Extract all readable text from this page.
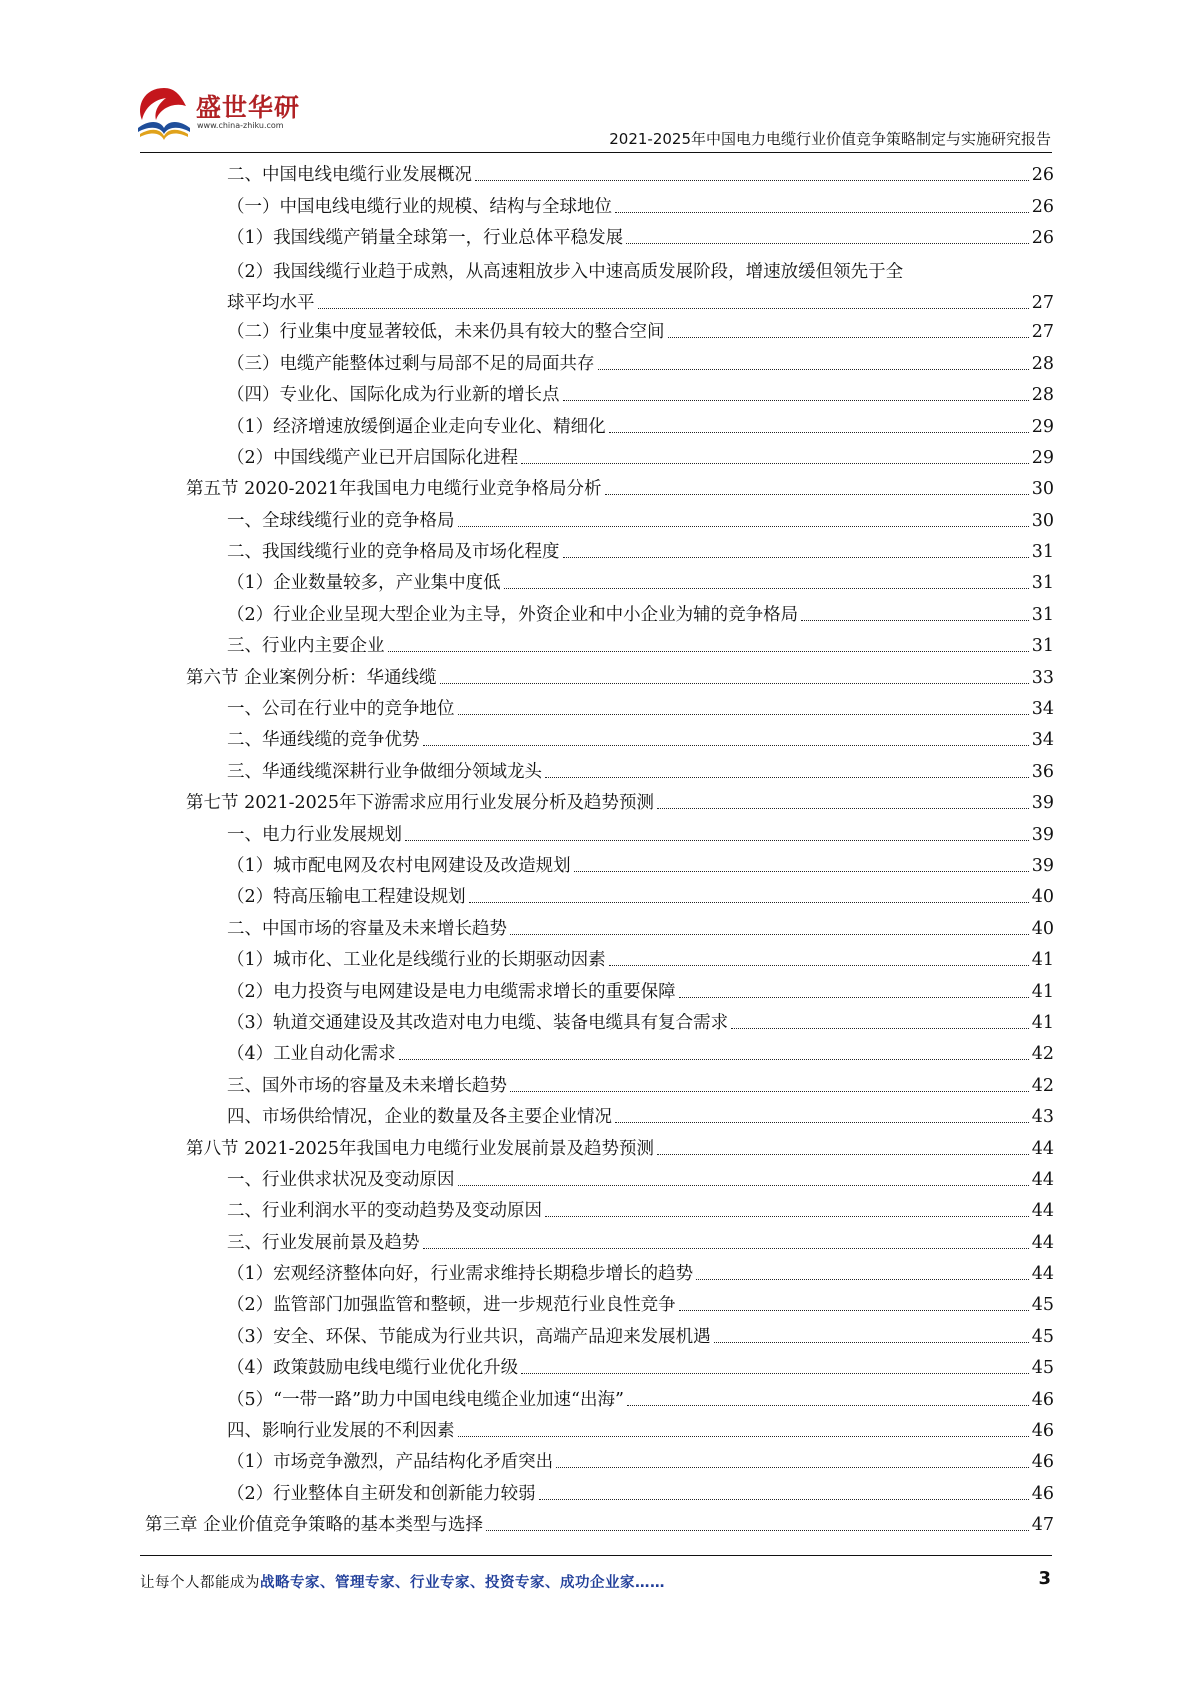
盛世华研
www.china-zhiku.com
2021-2025年中国电力电缆行业价值竞争策略制定与实施研究报告
二、中国电线电缆行业发展概况	26
（一）中国电线电缆行业的规模、结构与全球地位	26
（1）我国线缆产销量全球第一，行业总体平稳发展	26
（2）我国线缆行业趋于成熟，从高速粗放步入中速高质发展阶段，增速放缓但领先于全
球平均水平	27
（二）行业集中度显著较低，未来仍具有较大的整合空间	27
（三）电缆产能整体过剩与局部不足的局面共存	28
（四）专业化、国际化成为行业新的增长点	28
（1）经济增速放缓倒逼企业走向专业化、精细化	29
（2）中国线缆产业已开启国际化进程	29
第五节 2020-2021年我国电力电缆行业竞争格局分析	30
一、全球线缆行业的竞争格局	30
二、我国线缆行业的竞争格局及市场化程度	31
（1）企业数量较多，产业集中度低	31
（2）行业企业呈现大型企业为主导，外资企业和中小企业为辅的竞争格局	31
三、行业内主要企业	31
第六节 企业案例分析：华通线缆	33
一、公司在行业中的竞争地位	34
二、华通线缆的竞争优势	34
三、华通线缆深耕行业争做细分领域龙头	36
第七节 2021-2025年下游需求应用行业发展分析及趋势预测	39
一、电力行业发展规划	39
（1）城市配电网及农村电网建设及改造规划	39
（2）特高压输电工程建设规划	40
二、中国市场的容量及未来增长趋势	40
（1）城市化、工业化是线缆行业的长期驱动因素	41
（2）电力投资与电网建设是电力电缆需求增长的重要保障	41
（3）轨道交通建设及其改造对电力电缆、装备电缆具有复合需求	41
（4）工业自动化需求	42
三、国外市场的容量及未来增长趋势	42
四、市场供给情况，企业的数量及各主要企业情况	43
第八节 2021-2025年我国电力电缆行业发展前景及趋势预测	44
一、行业供求状况及变动原因	44
二、行业利润水平的变动趋势及变动原因	44
三、行业发展前景及趋势	44
（1）宏观经济整体向好，行业需求维持长期稳步增长的趋势	44
（2）监管部门加强监管和整顿，进一步规范行业良性竞争	45
（3）安全、环保、节能成为行业共识，高端产品迎来发展机遇	45
（4）政策鼓励电线电缆行业优化升级	45
（5）“一带一路”助力中国电线电缆企业加速“出海”	46
四、影响行业发展的不利因素	46
（1）市场竞争激烈，产品结构化矛盾突出	46
（2）行业整体自主研发和创新能力较弱	46
第三章 企业价值竞争策略的基本类型与选择	47
让每个人都能成为战略专家、管理专家、行业专家、投资专家、成功企业家……	3
